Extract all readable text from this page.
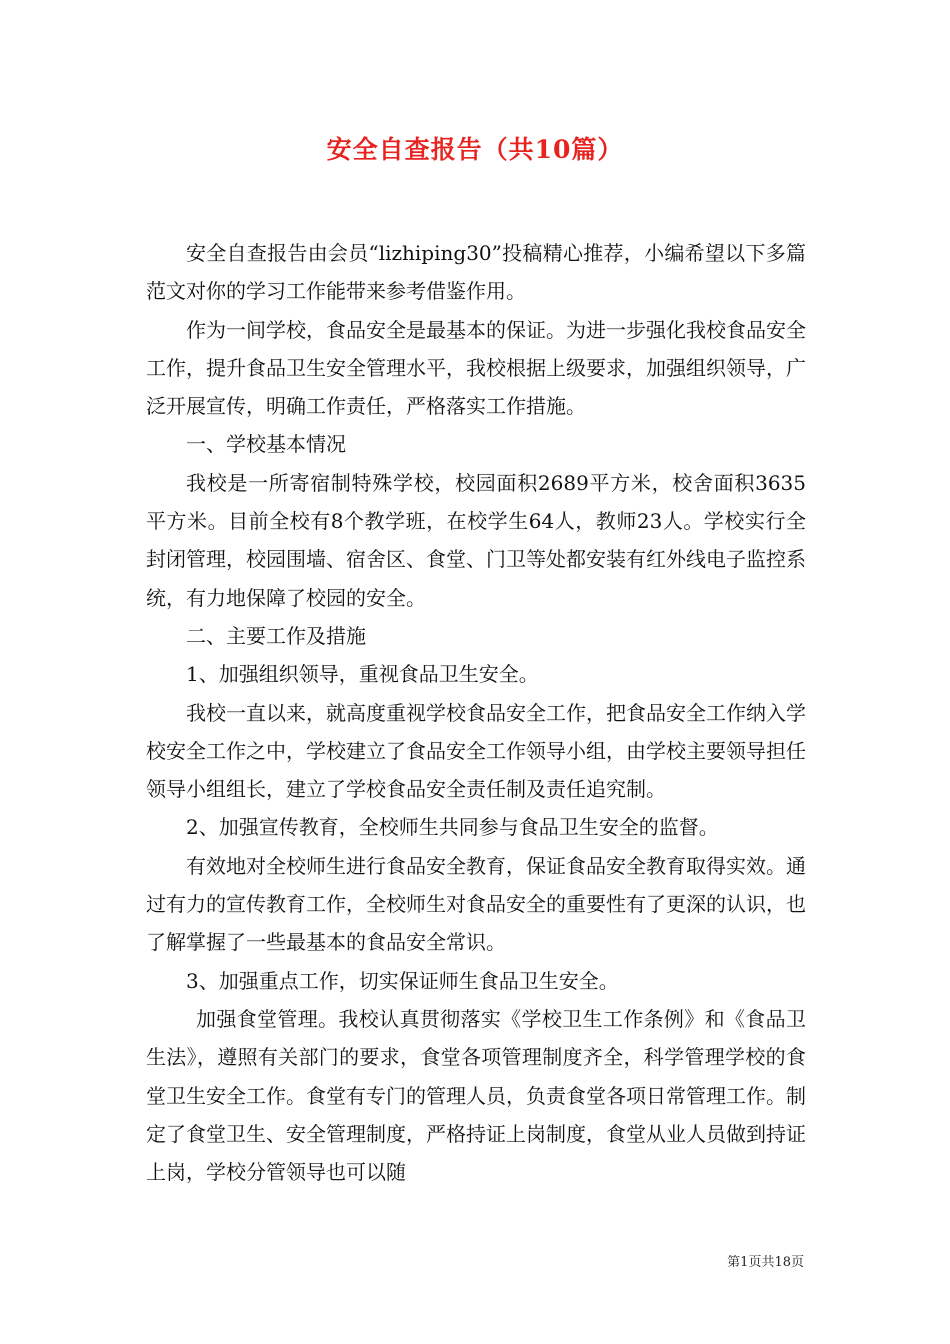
安全自查报告（共10篇）

安全自查报告由会员“lizhiping30”投稿精心推荐，小编希望以下多篇范文对你的学习工作能带来参考借鉴作用。

作为一间学校，食品安全是最基本的保证。为进一步强化我校食品安全工作，提升食品卫生安全管理水平，我校根据上级要求，加强组织领导，广泛开展宣传，明确工作责任，严格落实工作措施。

一、学校基本情况

我校是一所寄宿制特殊学校，校园面积2689平方米，校舍面积3635平方米。目前全校有8个教学班，在校学生64人，教师23人。学校实行全封闭管理，校园围墙、宿舍区、食堂、门卫等处都安装有红外线电子监控系统，有力地保障了校园的安全。

二、主要工作及措施

1、加强组织领导，重视食品卫生安全。

我校一直以来，就高度重视学校食品安全工作，把食品安全工作纳入学校安全工作之中，学校建立了食品安全工作领导小组，由学校主要领导担任领导小组组长，建立了学校食品安全责任制及责任追究制。

2、加强宣传教育，全校师生共同参与食品卫生安全的监督。

有效地对全校师生进行食品安全教育，保证食品安全教育取得实效。通过有力的宣传教育工作，全校师生对食品安全的重要性有了更深的认识，也了解掌握了一些最基本的食品安全常识。

3、加强重点工作，切实保证师生食品卫生安全。

加强食堂管理。我校认真贯彻落实《学校卫生工作条例》和《食品卫生法》，遵照有关部门的要求，食堂各项管理制度齐全，科学管理学校的食堂卫生安全工作。食堂有专门的管理人员，负责食堂各项日常管理工作。制定了食堂卫生、安全管理制度，严格持证上岗制度，食堂从业人员做到持证上岗，学校分管领导也可以随

第1页共18页
